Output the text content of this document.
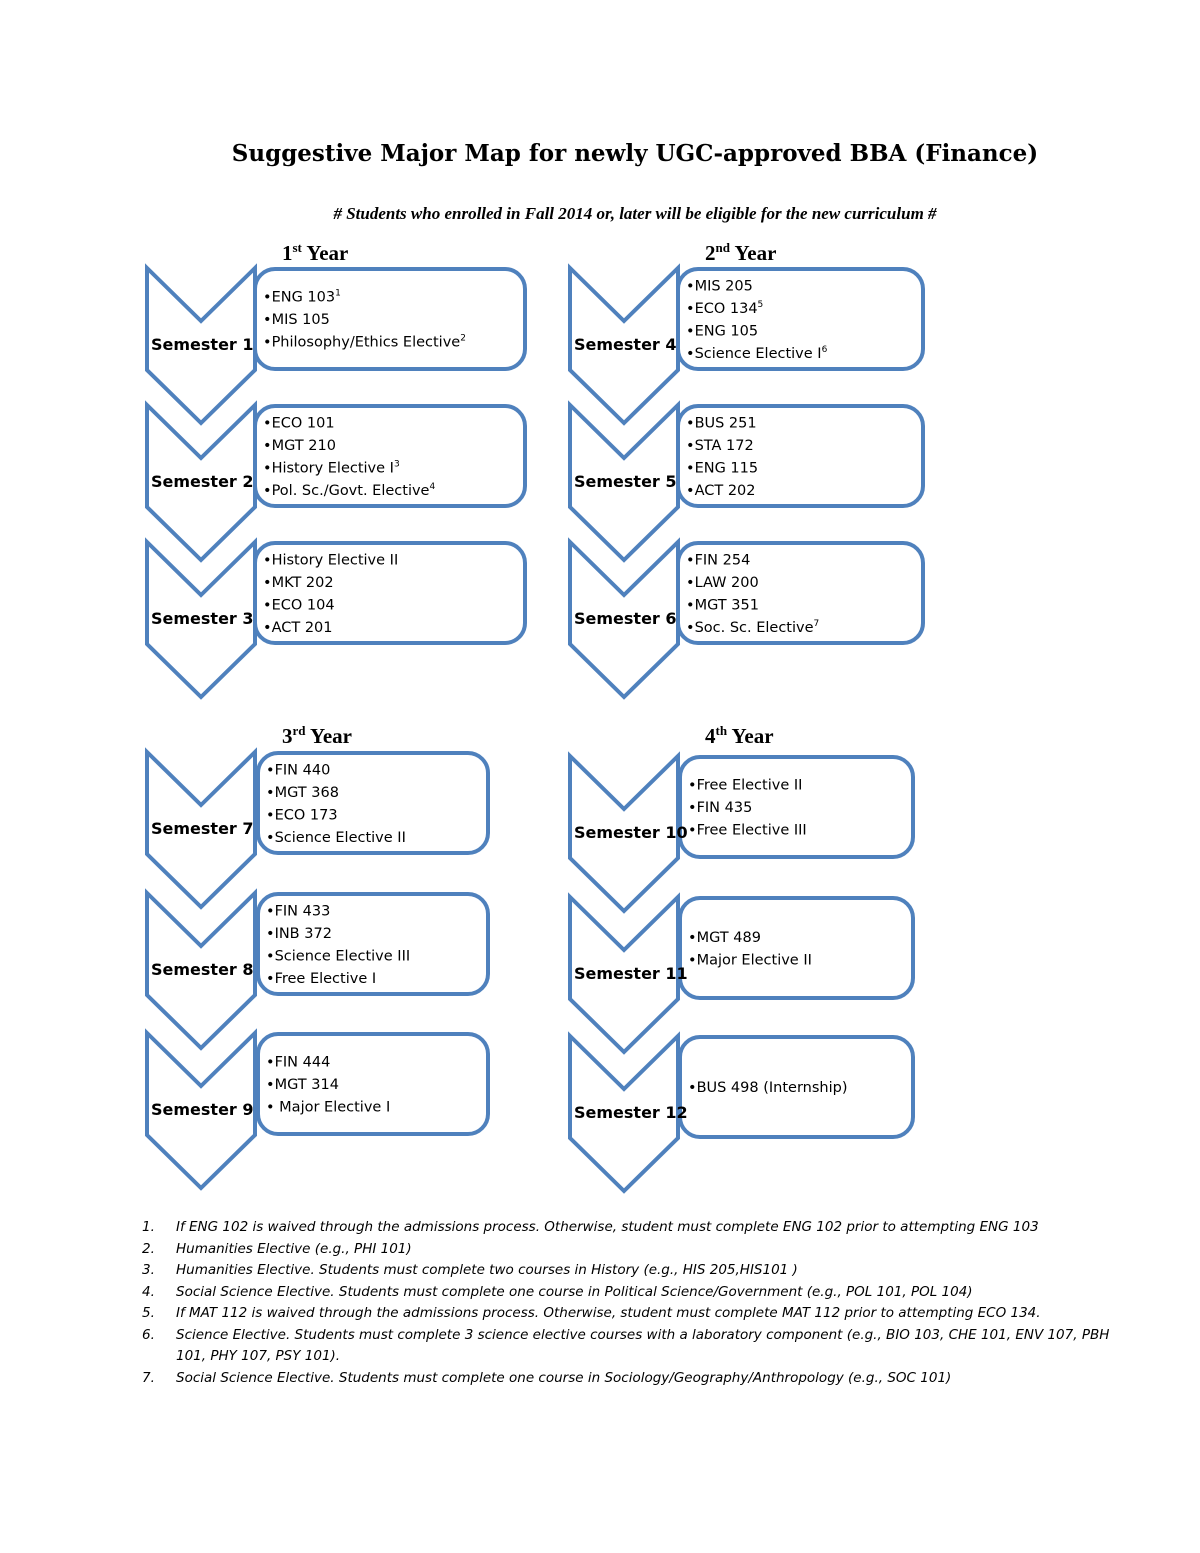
Suggestive Major Map for newly UGC-approved BBA (Finance)
# Students who enrolled in Fall 2014 or, later will be eligible for the new curriculum #
1st Year	2nd Year
3rd Year	4th Year
Semester 1
•ENG $103^1$
•MIS 105
•Philosophy/Ethics Elective$^2$
Semester 2
•ECO 101
•MGT 210
•History Elective $I^3$
•Pol. Sc./Govt. Elective$^4$
Semester 3
•History Elective II
•MKT 202
•ECO 104
•ACT 201
Semester 4
•MIS 205
•ECO $134^5$
•ENG 105
•Science Elective $I^6$
Semester 5
•BUS 251
•STA 172
•ENG 115
•ACT 202
Semester 6
•FIN 254
•LAW 200
•MGT 351
•Soc. Sc. Elective$^7$
Semester 7
•FIN 440
•MGT 368
•ECO 173
•Science Elective II
Semester 8
•FIN 433
•INB 372
•Science Elective III
•Free Elective I
Semester 9
•FIN 444
•MGT 314
• Major Elective I
Semester 10
•Free Elective II
•FIN 435
•Free Elective III
Semester 11
•MGT 489
•Major Elective II
Semester 12
•BUS 498 (Internship)
1.	If ENG 102 is waived through the admissions process. Otherwise, student must complete ENG 102 prior to attempting ENG 103
2.	Humanities Elective (e.g., PHI 101)
3.	Humanities Elective. Students must complete two courses in History (e.g., HIS 205,HIS101 )
4.	Social Science Elective. Students must complete one course in Political Science/Government (e.g., POL 101, POL 104)
5.	If MAT 112 is waived through the admissions process. Otherwise, student must complete MAT 112 prior to attempting ECO 134.
6.	Science Elective. Students must complete 3 science elective courses with a laboratory component (e.g., BIO 103, CHE 101, ENV 107, PBH 101, PHY 107, PSY 101).
7.	Social Science Elective. Students must complete one course in Sociology/Geography/Anthropology (e.g., SOC 101)
